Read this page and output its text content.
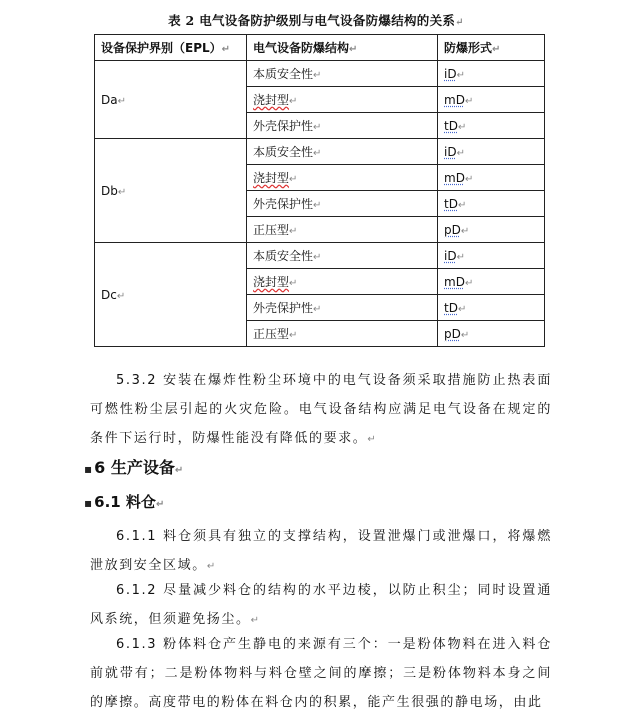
表 2 电气设备防护级别与电气设备防爆结构的关系↵
设备保护界别（EPL）↵	电气设备防爆结构↵	防爆形式↵
Da↵	本质安全性↵	iD↵
	浇封型↵	mD↵
	外壳保护性↵	tD↵
Db↵	本质安全性↵	iD↵
	浇封型↵	mD↵
	外壳保护性↵	tD↵
	正压型↵	pD↵
Dc↵	本质安全性↵	iD↵
	浇封型↵	mD↵
	外壳保护性↵	tD↵
	正压型↵	pD↵

5.3.2 安装在爆炸性粉尘环境中的电气设备须采取措施防止热表面可燃性粉尘层引起的火灾危险。电气设备结构应满足电气设备在规定的条件下运行时，防爆性能没有降低的要求。↵

▪ 6 生产设备↵

▪ 6.1 料仓↵

6.1.1 料仓须具有独立的支撑结构，设置泄爆门或泄爆口，将爆燃泄放到安全区域。↵

6.1.2 尽量减少料仓的结构的水平边棱，以防止积尘；同时设置通风系统，但须避免扬尘。↵

6.1.3 粉体料仓产生静电的来源有三个：一是粉体物料在进入料仓前就带有；二是粉体物料与料仓壁之间的摩擦；三是粉体物料本身之间的摩擦。高度带电的粉体在料仓内的积累，能产生很强的静电场，由此
